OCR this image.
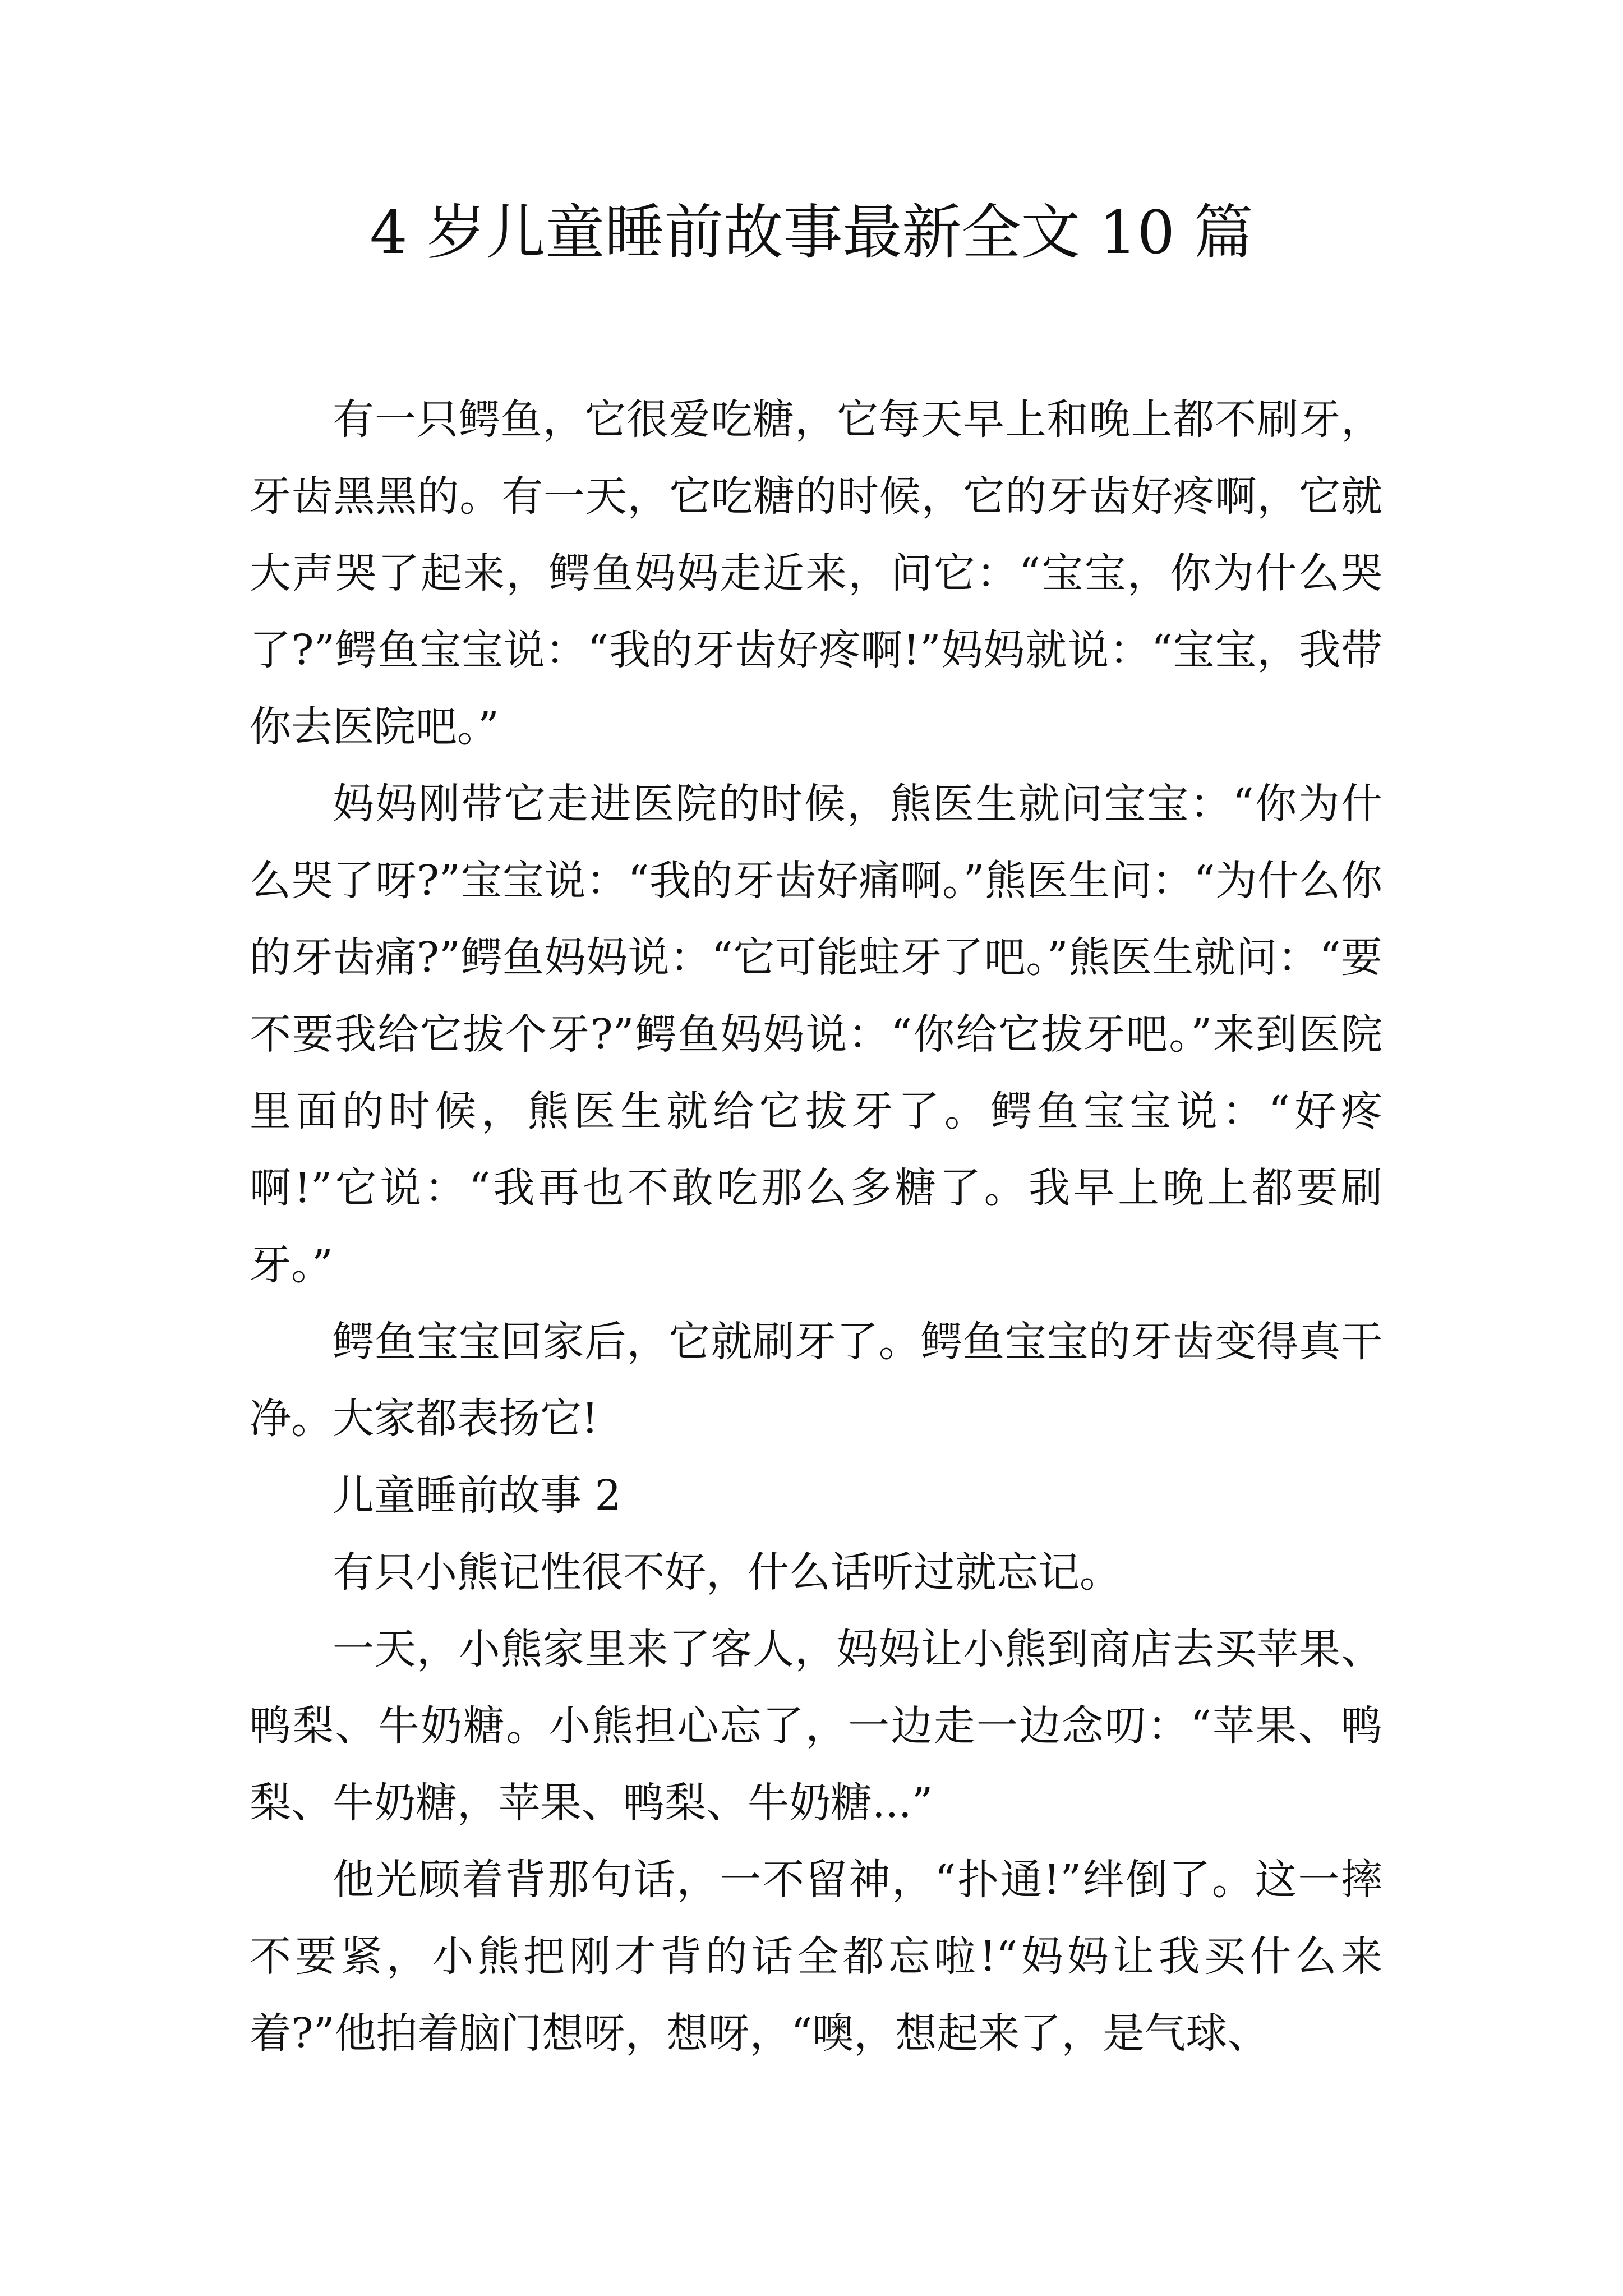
4 岁儿童睡前故事最新全文 10 篇

有一只鳄鱼，它很爱吃糖，它每天早上和晚上都不刷牙，牙齿黑黑的。有一天，它吃糖的时候，它的牙齿好疼啊，它就大声哭了起来，鳄鱼妈妈走近来，问它：“宝宝，你为什么哭了?”鳄鱼宝宝说：“我的牙齿好疼啊!”妈妈就说：“宝宝，我带你去医院吧。”

妈妈刚带它走进医院的时候，熊医生就问宝宝：“你为什么哭了呀?”宝宝说：“我的牙齿好痛啊。”熊医生问：“为什么你的牙齿痛?”鳄鱼妈妈说：“它可能蛀牙了吧。”熊医生就问：“要不要我给它拔个牙?”鳄鱼妈妈说：“你给它拔牙吧。”来到医院里面的时候，熊医生就给它拔牙了。鳄鱼宝宝说：“好疼啊!”它说：“我再也不敢吃那么多糖了。我早上晚上都要刷牙。”

鳄鱼宝宝回家后，它就刷牙了。鳄鱼宝宝的牙齿变得真干净。大家都表扬它!

儿童睡前故事 2

有只小熊记性很不好，什么话听过就忘记。

一天，小熊家里来了客人，妈妈让小熊到商店去买苹果、鸭梨、牛奶糖。小熊担心忘了，一边走一边念叨：“苹果、鸭梨、牛奶糖，苹果、鸭梨、牛奶糖...”

他光顾着背那句话，一不留神，“扑通!”绊倒了。这一摔不要紧，小熊把刚才背的话全都忘啦!“妈妈让我买什么来着?”他拍着脑门想呀，想呀，“噢，想起来了，是气球、
